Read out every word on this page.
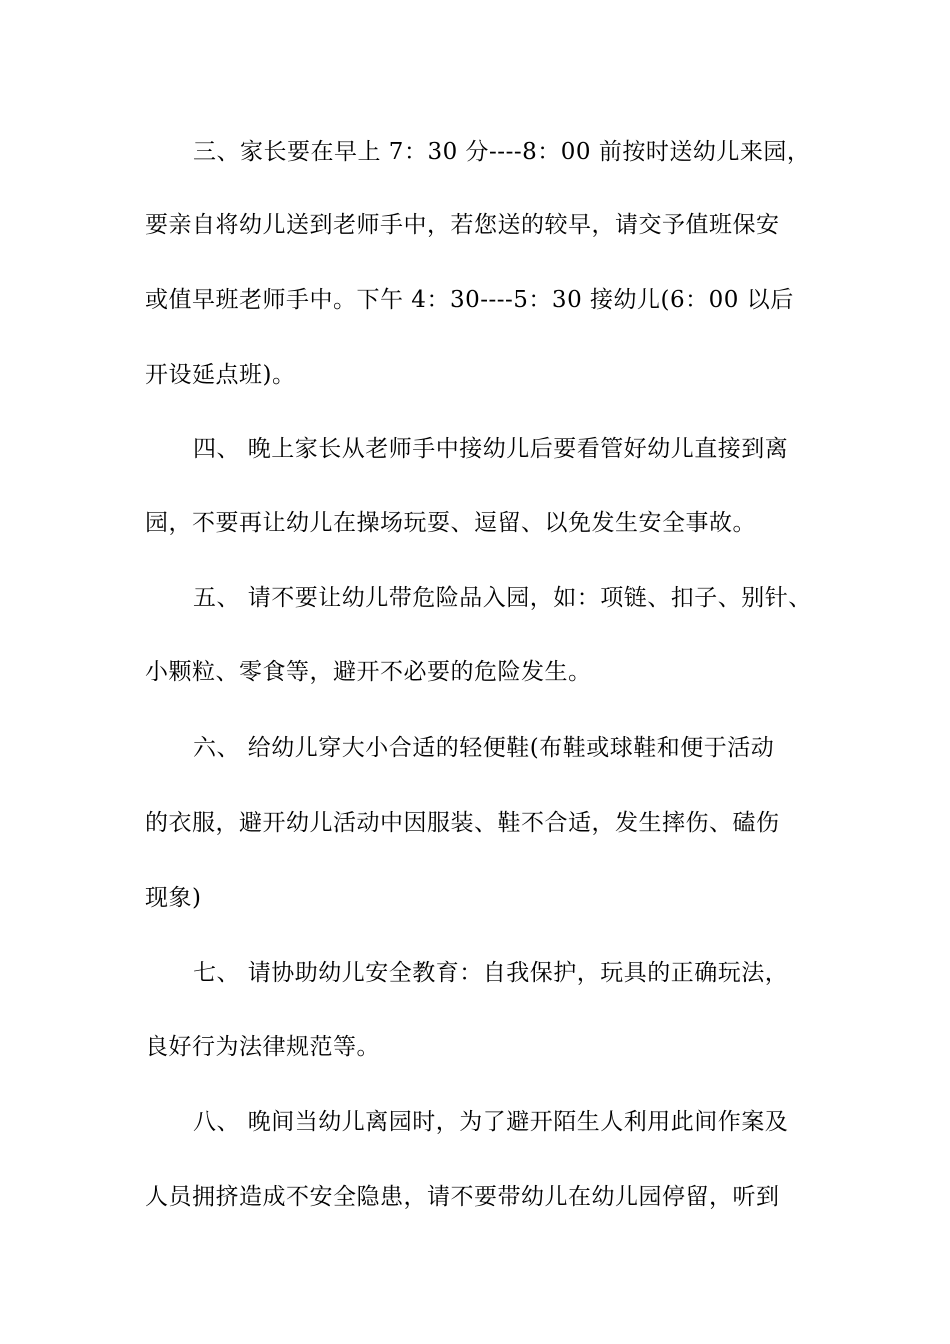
三、家长要在早上 7：30 分----8：00 前按时送幼儿来园，
要亲自将幼儿送到老师手中，若您送的较早，请交予值班保安
或值早班老师手中。下午 4：30----5：30 接幼儿(6：00 以后
开设延点班)。
四、 晚上家长从老师手中接幼儿后要看管好幼儿直接到离
园，不要再让幼儿在操场玩耍、逗留、以免发生安全事故。
五、 请不要让幼儿带危险品入园，如：项链、扣子、别针、
小颗粒、零食等，避开不必要的危险发生。
六、 给幼儿穿大小合适的轻便鞋(布鞋或球鞋和便于活动
的衣服，避开幼儿活动中因服装、鞋不合适，发生摔伤、磕伤
现象)
七、 请协助幼儿安全教育：自我保护，玩具的正确玩法，
良好行为法律规范等。
八、 晚间当幼儿离园时，为了避开陌生人利用此间作案及
人员拥挤造成不安全隐患，请不要带幼儿在幼儿园停留，听到
